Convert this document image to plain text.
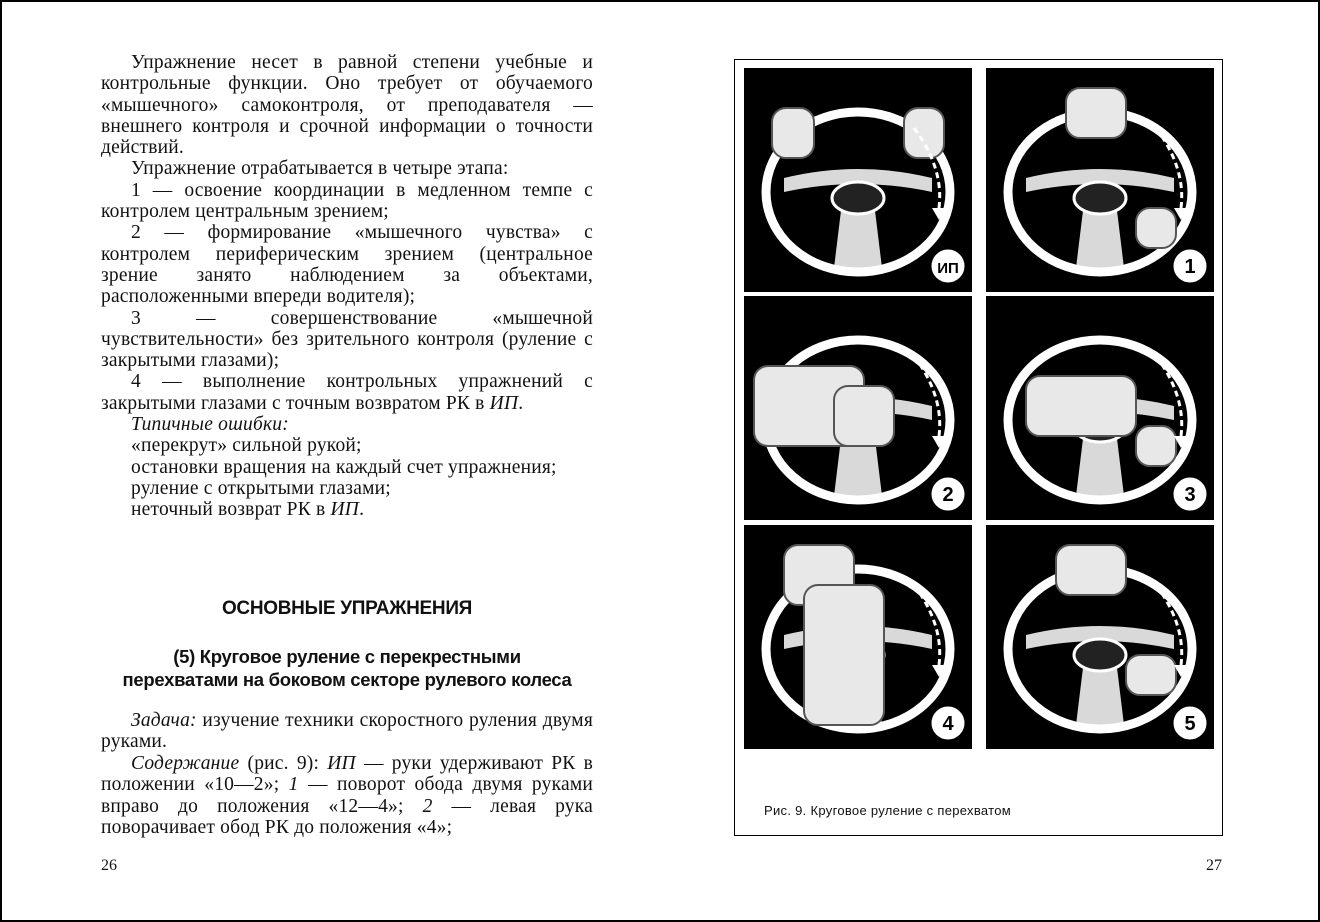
Упражнение несет в равной степени учебные и контрольные функции. Оно требует от обучаемого «мышечного» самоконтроля, от преподавателя — внешнего контроля и срочной информации о точности действий.

Упражнение отрабатывается в четыре этапа:

1 — освоение координации в медленном темпе с контролем центральным зрением;

2 — формирование «мышечного чувства» с контролем периферическим зрением (центральное зрение занято наблюдением за объектами, расположенными впереди водителя);

3 — совершенствование «мышечной чувствительности» без зрительного контроля (руление с закрытыми глазами);

4 — выполнение контрольных упражнений с закрытыми глазами с точным возвратом РК в ИП.

Типичные ошибки:

«перекрут» сильной рукой;

остановки вращения на каждый счет упражнения;

руление с открытыми глазами;

неточный возврат РК в ИП.

ОСНОВНЫЕ УПРАЖНЕНИЯ
(5) Круговое руление с перекрестными
перехватами на боковом секторе рулевого колеса

Задача: изучение техники скоростного руления двумя руками.

Содержание (рис. 9): ИП — руки удерживают РК в положении «10—2»; 1 — поворот обода двумя руками вправо до положения «12—4»; 2 — левая рука поворачивает обод РК до положения «4»;

26
ИП	1
2	3
4	5
Рис. 9. Круговое руление с перехватом
27
